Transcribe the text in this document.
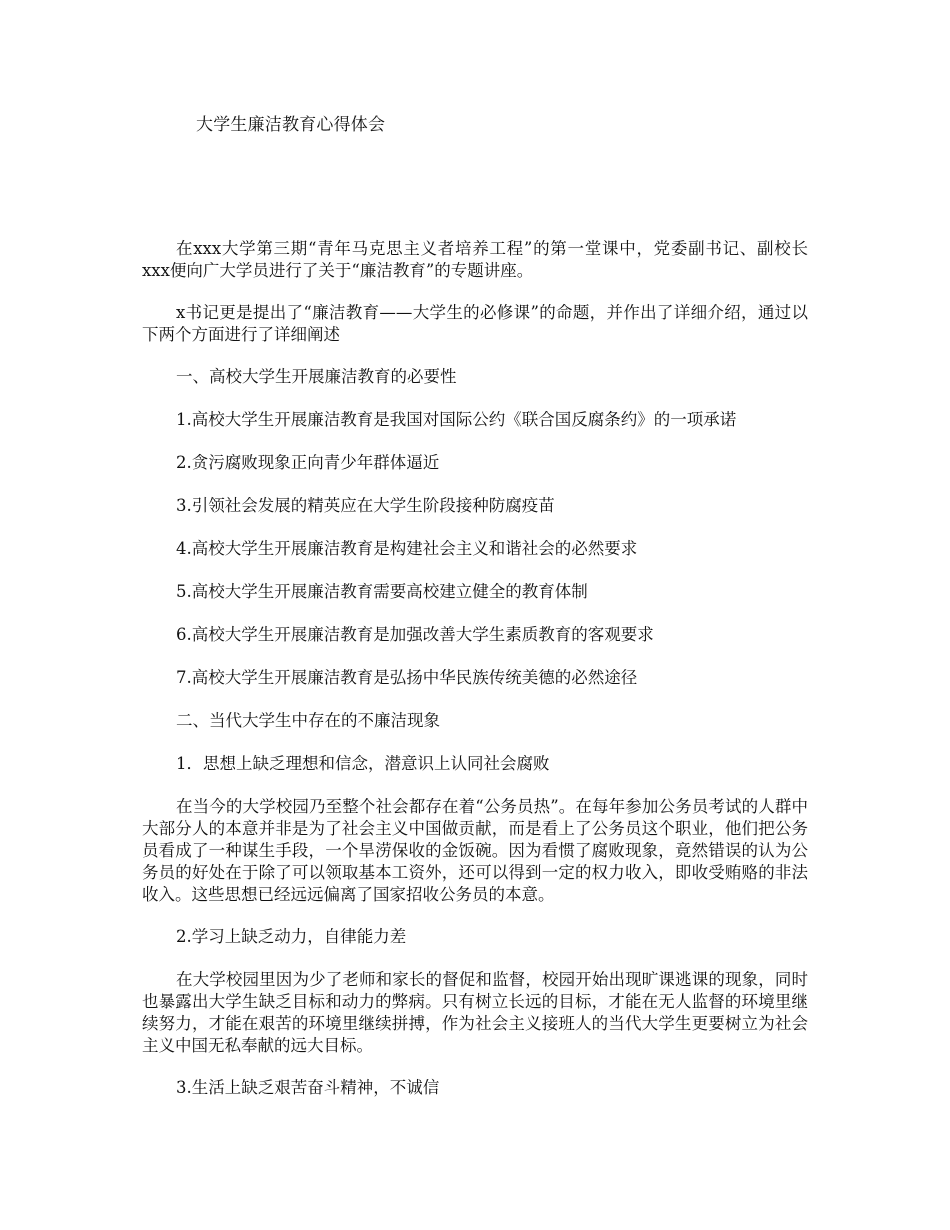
大学生廉洁教育心得体会

在xxx大学第三期“青年马克思主义者培养工程”的第一堂课中，党委副书记、副校长xxx便向广大学员进行了关于“廉洁教育”的专题讲座。

x书记更是提出了“廉洁教育——大学生的必修课”的命题，并作出了详细介绍，通过以下两个方面进行了详细阐述

一、高校大学生开展廉洁教育的必要性

1.高校大学生开展廉洁教育是我国对国际公约《联合国反腐条约》的一项承诺

2.贪污腐败现象正向青少年群体逼近

3.引领社会发展的精英应在大学生阶段接种防腐疫苗

4.高校大学生开展廉洁教育是构建社会主义和谐社会的必然要求

5.高校大学生开展廉洁教育需要高校建立健全的教育体制

6.高校大学生开展廉洁教育是加强改善大学生素质教育的客观要求

7.高校大学生开展廉洁教育是弘扬中华民族传统美德的必然途径

二、当代大学生中存在的不廉洁现象

1．思想上缺乏理想和信念，潜意识上认同社会腐败

在当今的大学校园乃至整个社会都存在着“公务员热”。在每年参加公务员考试的人群中大部分人的本意并非是为了社会主义中国做贡献，而是看上了公务员这个职业，他们把公务员看成了一种谋生手段，一个旱涝保收的金饭碗。因为看惯了腐败现象，竟然错误的认为公务员的好处在于除了可以领取基本工资外，还可以得到一定的权力收入，即收受贿赂的非法收入。这些思想已经远远偏离了国家招收公务员的本意。

2.学习上缺乏动力，自律能力差

在大学校园里因为少了老师和家长的督促和监督，校园开始出现旷课逃课的现象，同时也暴露出大学生缺乏目标和动力的弊病。只有树立长远的目标，才能在无人监督的环境里继续努力，才能在艰苦的环境里继续拼搏，作为社会主义接班人的当代大学生更要树立为社会主义中国无私奉献的远大目标。

3.生活上缺乏艰苦奋斗精神，不诚信
